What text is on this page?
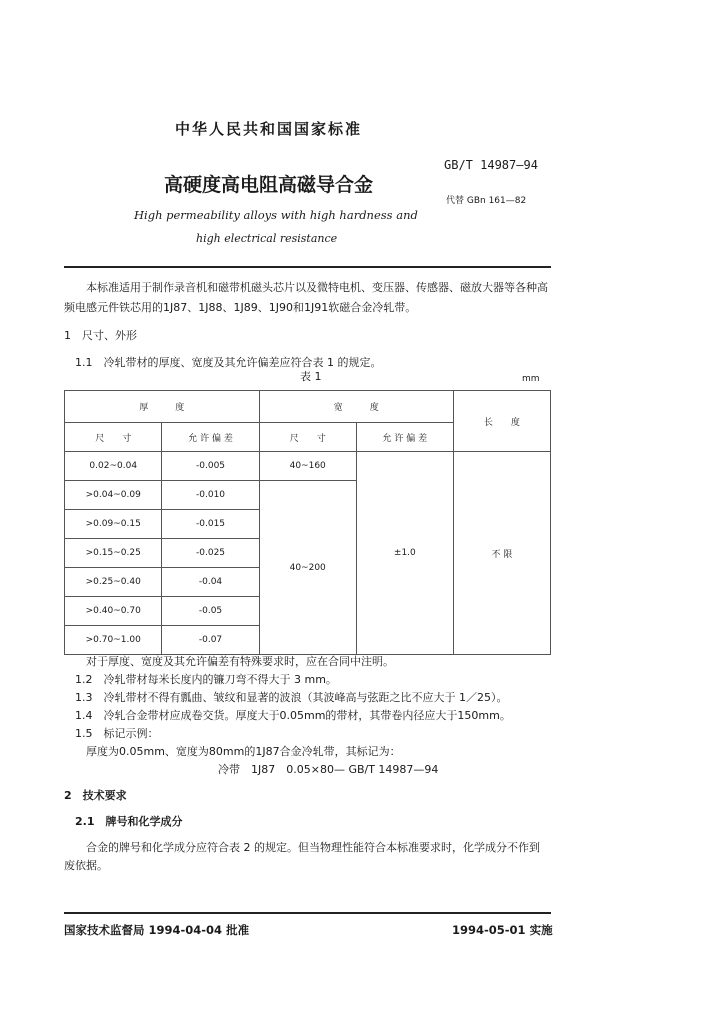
中华人民共和国国家标准
GB/T 14987—94
高硬度高电阻高磁导合金
代替 GBn 161—82
High permeability alloys with high hardness and
high electrical resistance
本标准适用于制作录音机和磁带机磁头芯片以及微特电机、变压器、传感器、磁放大器等各种高
频电感元件铁芯用的1J87、1J88、1J89、1J90和1J91软磁合金冷轧带。
1　尺寸、外形
1.1　冷轧带材的厚度、宽度及其允许偏差应符合表 1 的规定。
表 1	mm
厚　　　度		宽　　　度		长　　度
尺　　寸	允 许 偏 差	尺　　寸	允 许 偏 差	
0.02~0.04	-0.005	40~160	±1.0	不 限
>0.04~0.09	-0.010	40~200		
>0.09~0.15	-0.015			
>0.15~0.25	-0.025			
>0.25~0.40	-0.04			
>0.40~0.70	-0.05			
>0.70~1.00	-0.07			
对于厚度、宽度及其允许偏差有特殊要求时，应在合同中注明。
1.2　冷轧带材每米长度内的镰刀弯不得大于 3 mm。
1.3　冷轧带材不得有瓢曲、皱纹和显著的波浪（其波峰高与弦距之比不应大于 1／25）。
1.4　冷轧合金带材应成卷交货。厚度大于0.05mm的带材，其带卷内径应大于150mm。
1.5　标记示例：
厚度为0.05mm、宽度为80mm的1J87合金冷轧带，其标记为：
冷带　1J87　0.05×80— GB/T 14987—94
2　技术要求
2.1　牌号和化学成分
合金的牌号和化学成分应符合表 2 的规定。但当物理性能符合本标准要求时，化学成分不作到
废依据。
国家技术监督局 1994-04-04 批准	1994-05-01 实施
